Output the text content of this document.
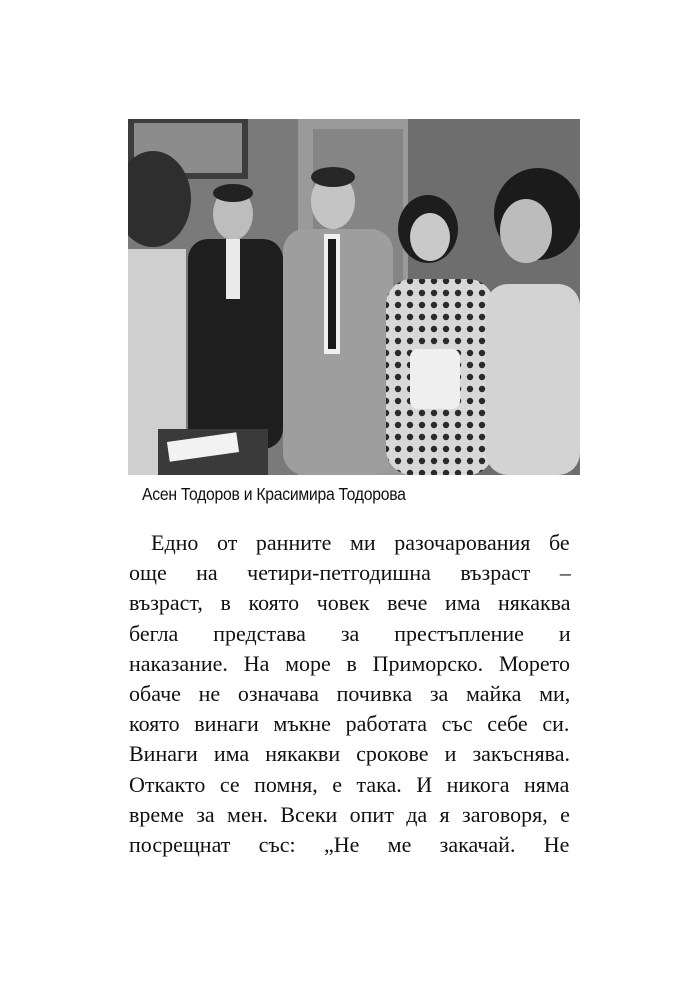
Асен Тодоров и Красимира Тодорова
Едно от ранните ми разочарования бе
още на четири-петгодишна възраст –
възраст, в която човек вече има някаква
бегла представа за престъпление и
наказание. На море в Приморско. Морето
обаче не означава почивка за майка ми,
която винаги мъкне работата със себе си.
Винаги има някакви срокове и закъснява.
Откакто се помня, е така. И никога няма
време за мен. Всеки опит да я заговоря, е
посрещнат със: „Не ме закачай. Не
